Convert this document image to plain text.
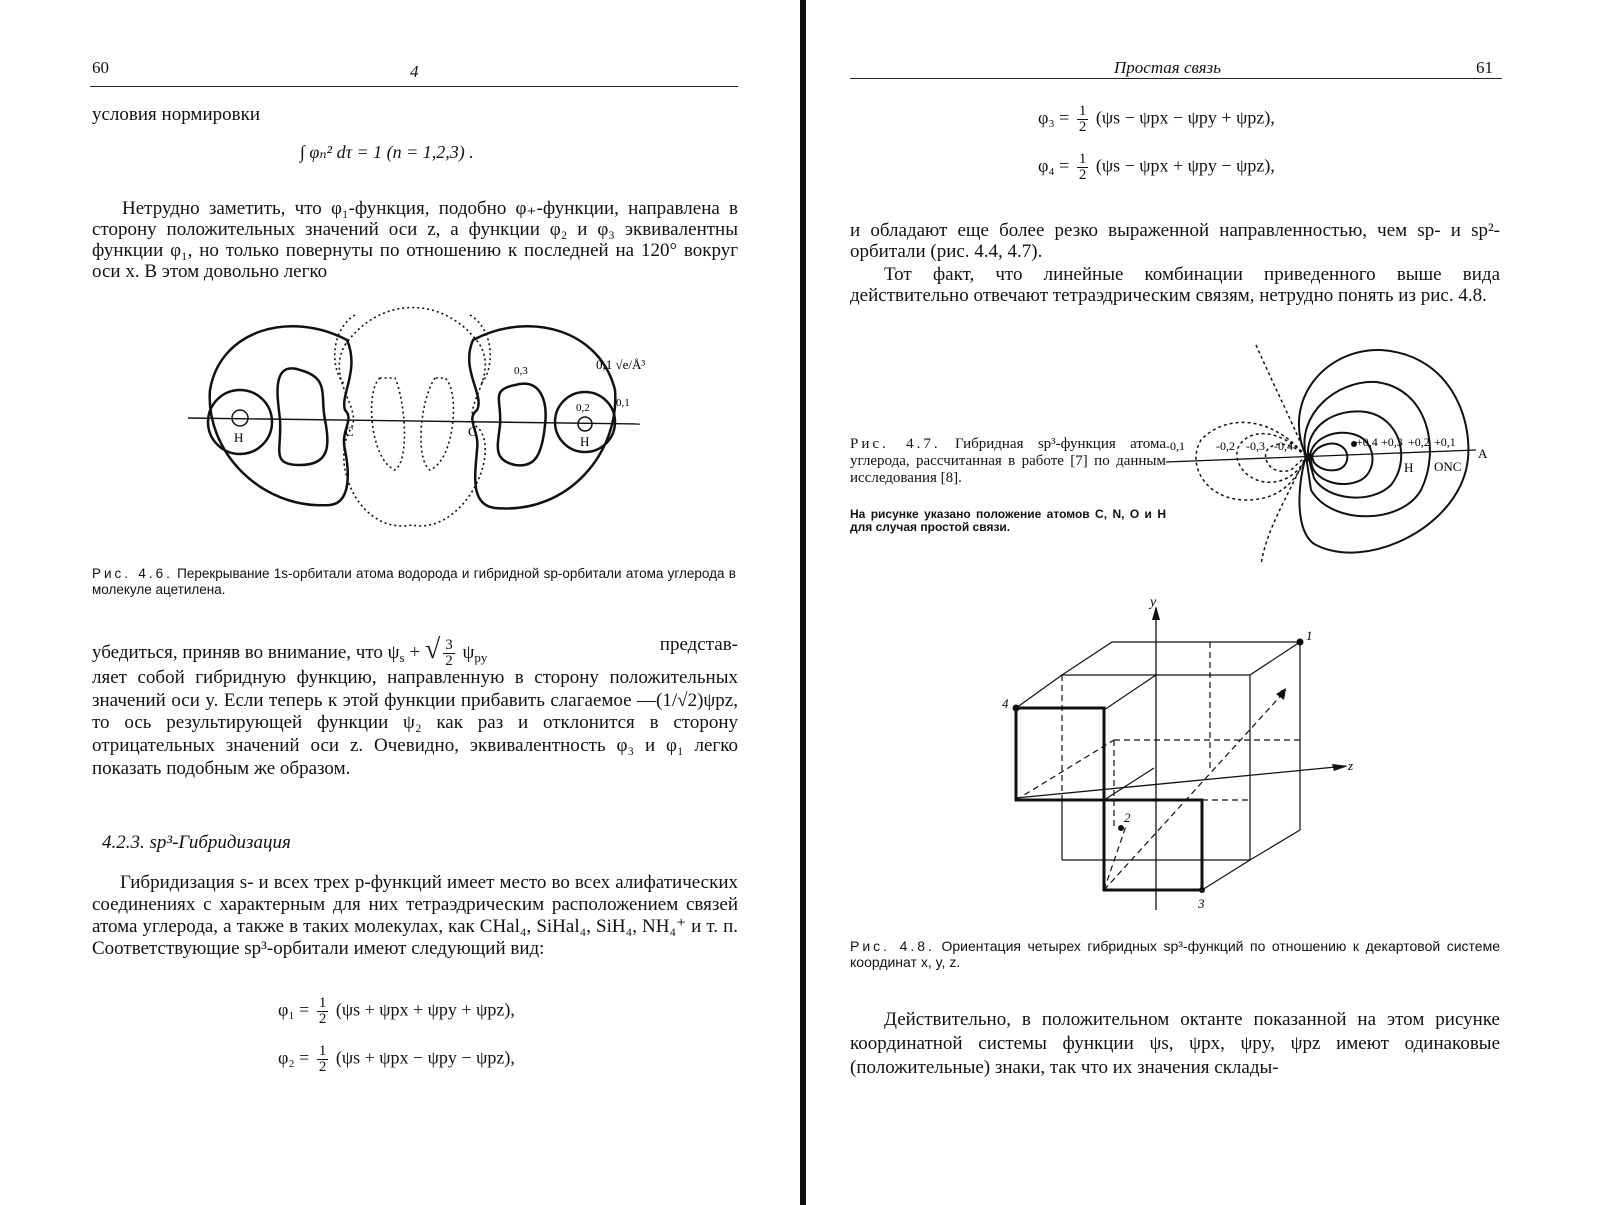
60	4
условия нормировки
∫ φₙ² dτ = 1 (n = 1,2,3) .
Нетрудно заметить, что φ₁-функция, подобно φ₊-функции, направлена в сторону положительных значений оси z, а функции φ₂ и φ₃ эквивалентны функции φ₁, но только повернуты по отношению к последней на 120° вокруг оси x. В этом довольно легко
H	C	C
H
0,1 √e/Å³
0,3
0,2 0,1
Рис. 4.6. Перекрывание 1s-орбитали атома водорода и гибридной sp-орбитали атома углерода в молекуле ацетилена.
убедиться, приняв во внимание, что $\psi_s$ + √ $\frac{3}{2} \psi_{py}$
представ-
ляет собой гибридную функцию, направленную в сторону положительных значений оси y. Если теперь к этой функции прибавить слагаемое —(1/√2)ψpz, то ось результирующей функции ψ₂ как раз и отклонится в сторону отрицательных значений оси z. Очевидно, эквивалентность φ₃ и φ₁ легко показать подобным же образом.
4.2.3. sp³-Гибридизация
Гибридизация s- и всех трех p-функций имеет место во всех алифатических соединениях с характерным для них тетраэдрическим расположением связей атома углерода, а также в таких молекулах, как CHal₄, SiHal₄, SiH₄, NH₄⁺ и т. п. Соответствующие sp³-орбитали имеют следующий вид:
$\varphi_1 = \frac{1}{2} (\psi s + \psi px + \psi py + \psi pz)$,
$\varphi_2 = \frac{1}{2} (\psi s + \psi px - \psi py - \psi pz)$,
Простая связь	61
$\varphi_3 = \frac{1}{2} (\psi s - \psi px - \psi py + \psi pz)$,
$\varphi_4 = \frac{1}{2} (\psi s - \psi px + \psi py - \psi pz)$,
и обладают еще более резко выраженной направленностью, чем sp- и sp²-орбитали (рис. 4.4, 4.7).
Тот факт, что линейные комбинации приведенного выше вида действительно отвечают тетраэдрическим связям, нетрудно понять из рис. 4.8.
Рис. 4.7. Гибридная sp³-функция атома углерода, рассчитанная в работе [7] по данным исследования [8].
На рисунке указано положение атомов C, N, O и H для случая простой связи.
-0,1	-0,2 -0,3 -0,4	+0,4 +0,3 +0,2 +0,1
A
H ONC
y
x
z
1
2
3
4
Рис. 4.8. Ориентация четырех гибридных sp³-функций по отношению к декартовой системе координат x, y, z.
Действительно, в положительном октанте показанной на этом рисунке координатной системы функции ψs, ψpx, ψpy, ψpz имеют одинаковые (положительные) знаки, так что их значения склады-
